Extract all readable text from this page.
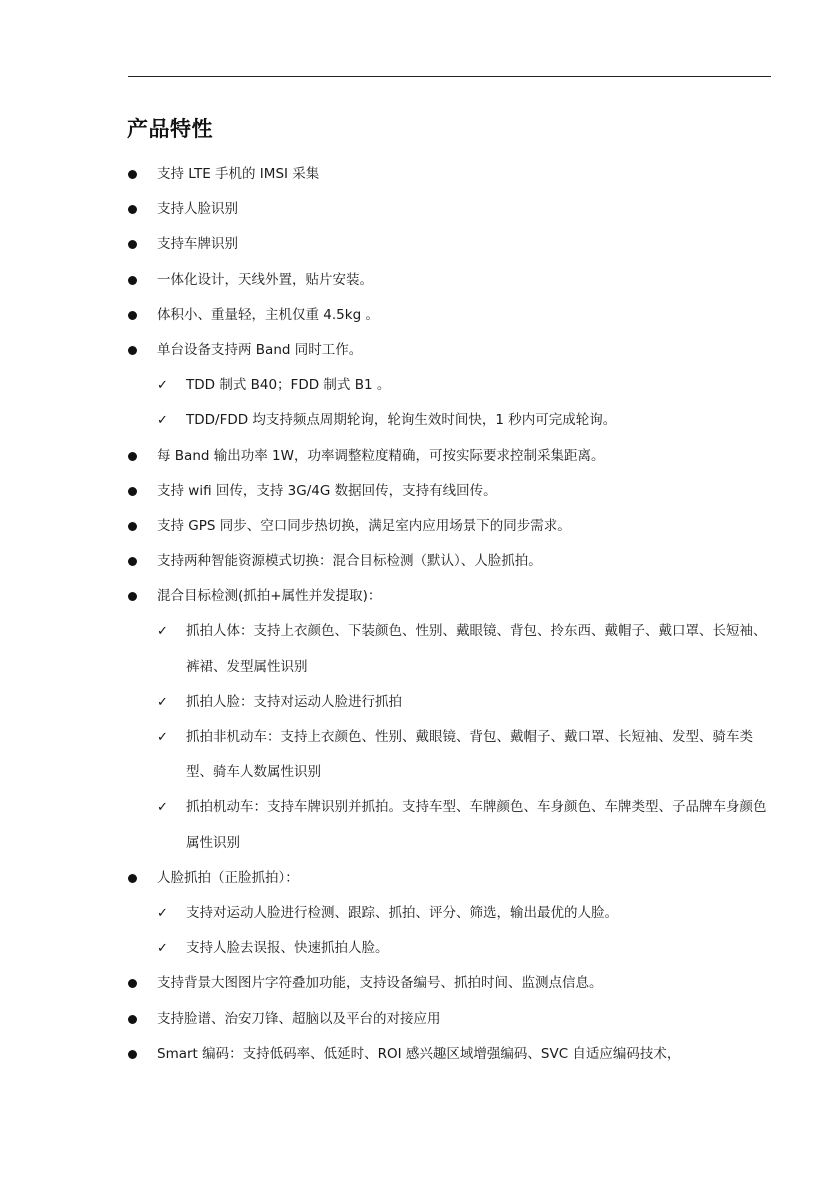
产品特性
支持 LTE 手机的 IMSI 采集
支持人脸识别
支持车牌识别
一体化设计，天线外置，贴片安装。
体积小、重量轻，主机仅重 4.5kg 。
单台设备支持两 Band 同时工作。
✓ TDD 制式 B40；FDD 制式 B1 。
✓ TDD/FDD 均支持频点周期轮询，轮询生效时间快，1 秒内可完成轮询。
每 Band 输出功率 1W，功率调整粒度精确，可按实际要求控制采集距离。
支持 wifi 回传，支持 3G/4G 数据回传，支持有线回传。
支持 GPS 同步、空口同步热切换，满足室内应用场景下的同步需求。
支持两种智能资源模式切换：混合目标检测（默认）、人脸抓拍。
混合目标检测(抓拍+属性并发提取)：
✓ 抓拍人体：支持上衣颜色、下装颜色、性别、戴眼镜、背包、拎东西、戴帽子、戴口罩、长短袖、裤裙、发型属性识别
✓ 抓拍人脸：支持对运动人脸进行抓拍
✓ 抓拍非机动车：支持上衣颜色、性别、戴眼镜、背包、戴帽子、戴口罩、长短袖、发型、骑车类型、骑车人数属性识别
✓ 抓拍机动车：支持车牌识别并抓拍。支持车型、车牌颜色、车身颜色、车牌类型、子品牌车身颜色属性识别
人脸抓拍（正脸抓拍）：
✓ 支持对运动人脸进行检测、跟踪、抓拍、评分、筛选，输出最优的人脸。
✓ 支持人脸去误报、快速抓拍人脸。
支持背景大图图片字符叠加功能，支持设备编号、抓拍时间、监测点信息。
支持脸谱、治安刀锋、超脑以及平台的对接应用
Smart 编码：支持低码率、低延时、ROI 感兴趣区域增强编码、SVC 自适应编码技术，
